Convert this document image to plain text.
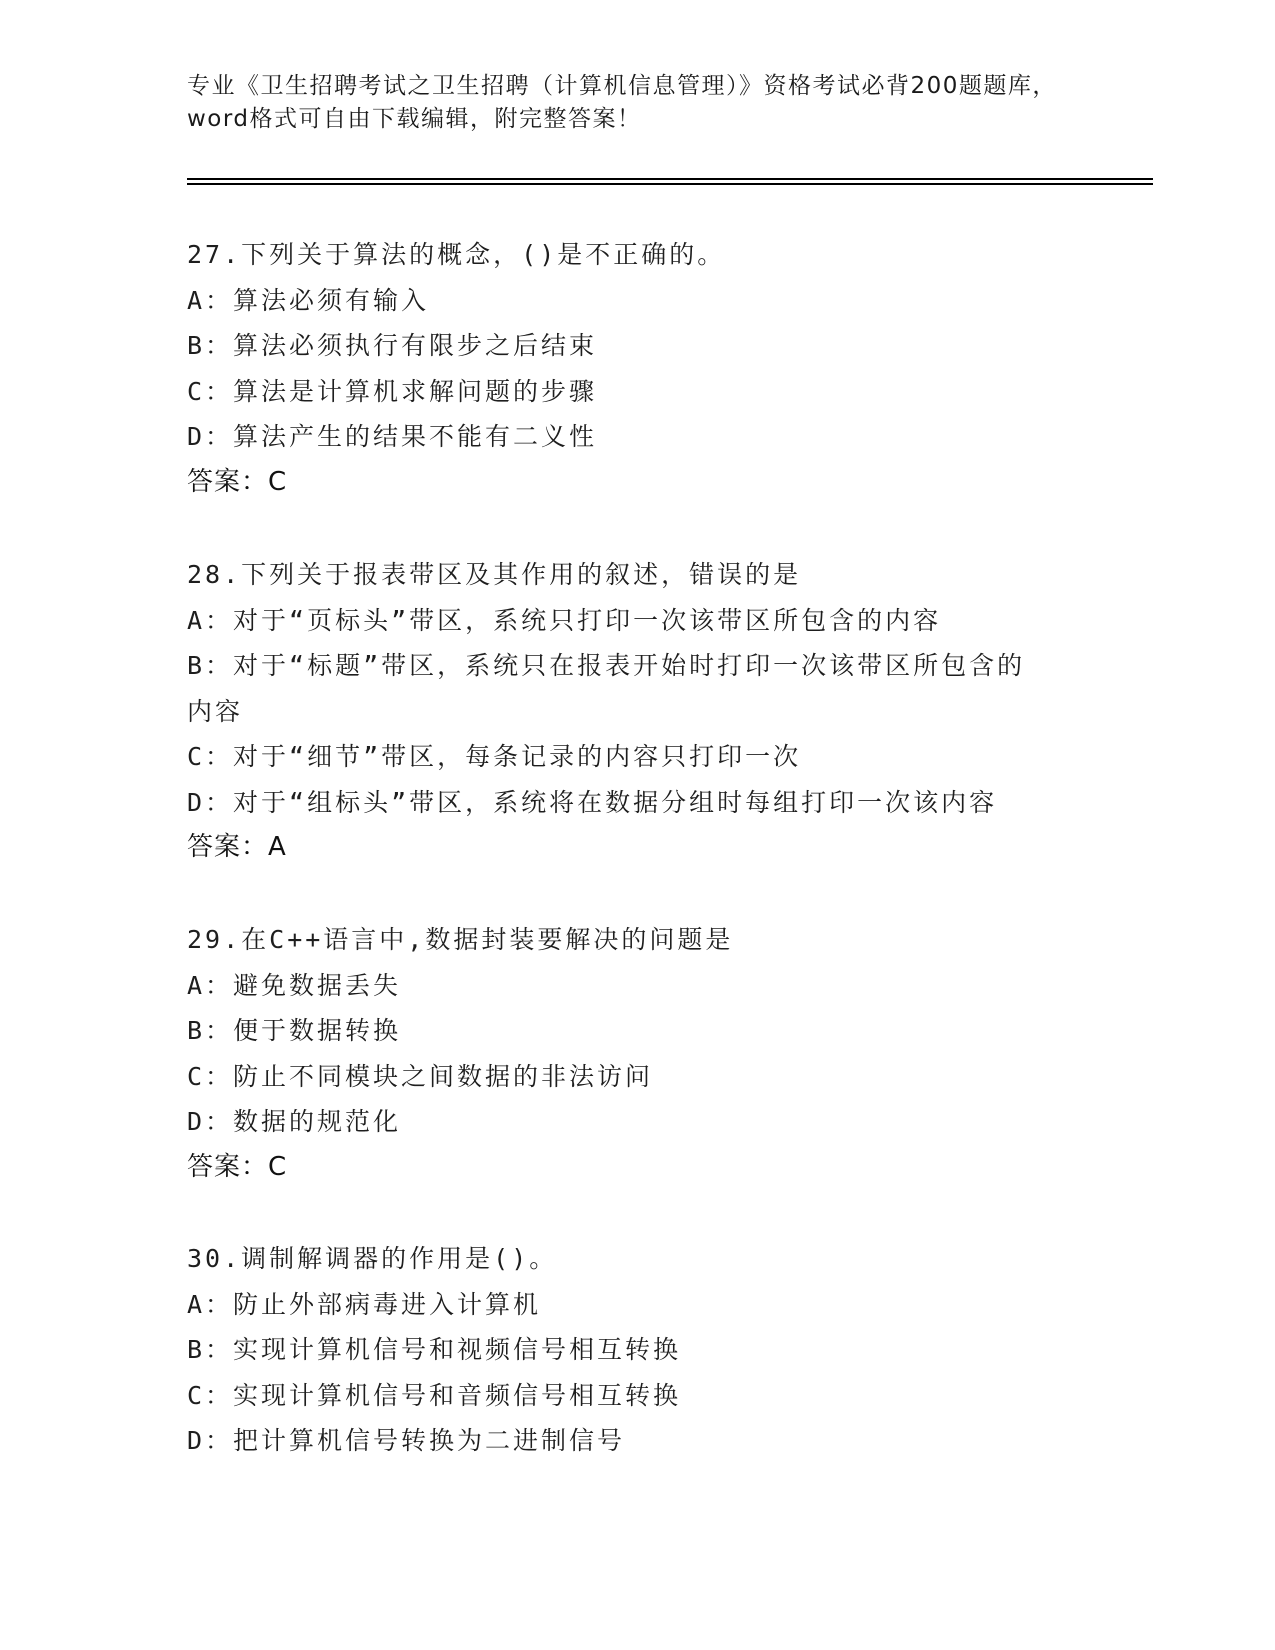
专业《卫生招聘考试之卫生招聘（计算机信息管理）》资格考试必背200题题库，
word格式可自由下载编辑，附完整答案！
27.下列关于算法的概念，()是不正确的。
A：算法必须有输入
B：算法必须执行有限步之后结束
C：算法是计算机求解问题的步骤
D：算法产生的结果不能有二义性
答案：C
28.下列关于报表带区及其作用的叙述，错误的是
A：对于“页标头”带区，系统只打印一次该带区所包含的内容
B：对于“标题”带区，系统只在报表开始时打印一次该带区所包含的
内容
C：对于“细节”带区，每条记录的内容只打印一次
D：对于“组标头”带区，系统将在数据分组时每组打印一次该内容
答案：A
29.在C++语言中,数据封装要解决的问题是
A：避免数据丢失
B：便于数据转换
C：防止不同模块之间数据的非法访问
D：数据的规范化
答案：C
30.调制解调器的作用是()。
A：防止外部病毒进入计算机
B：实现计算机信号和视频信号相互转换
C：实现计算机信号和音频信号相互转换
D：把计算机信号转换为二进制信号
